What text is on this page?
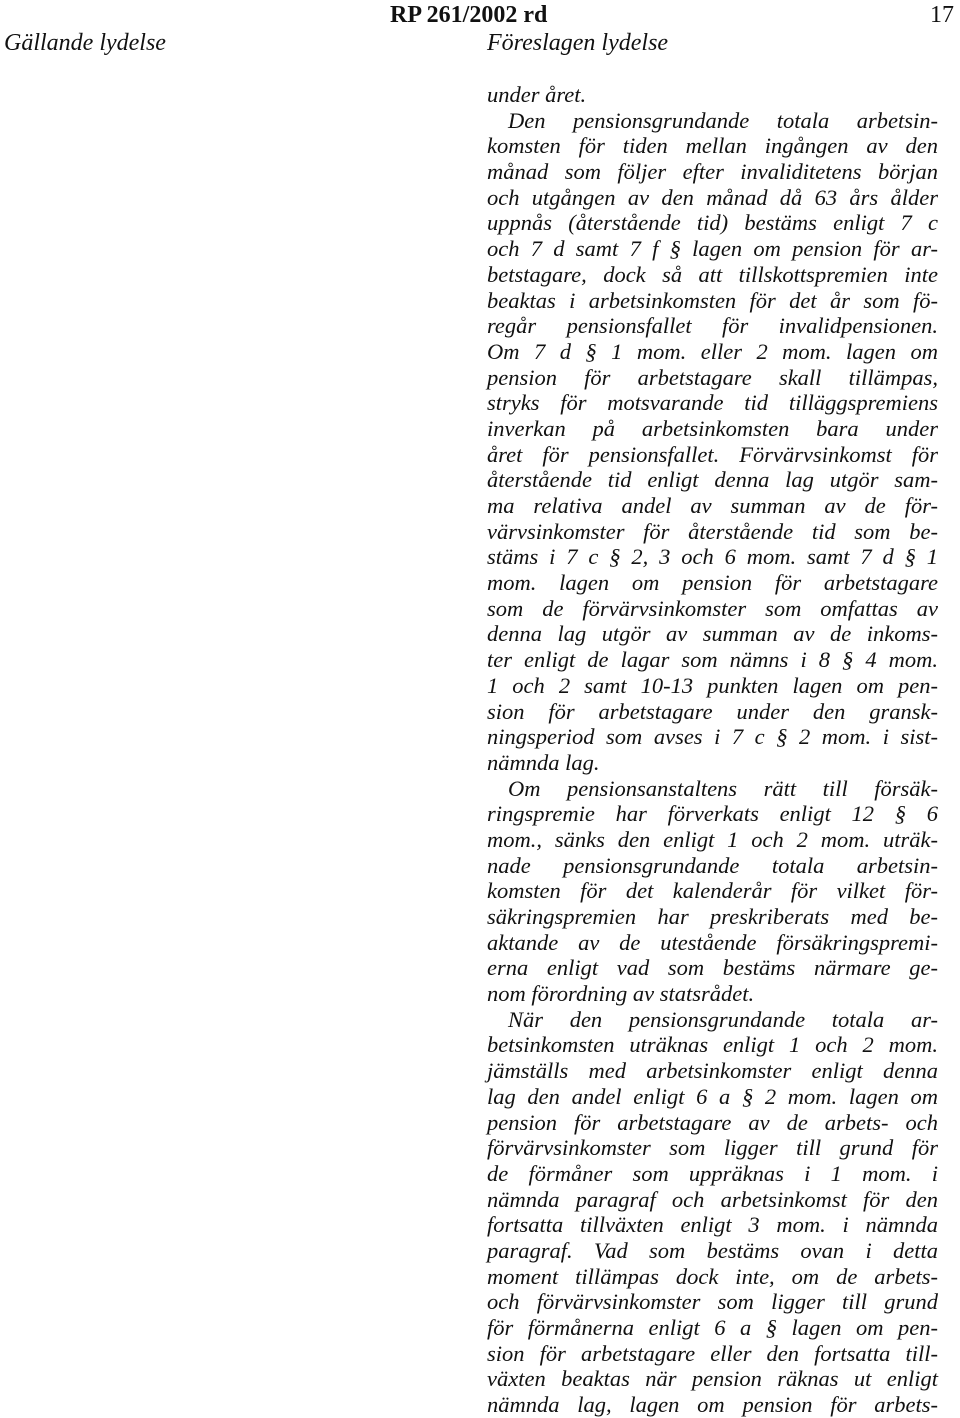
RP 261/2002 rd	17
Gällande lydelse	Föreslagen lydelse
under året.
Den pensionsgrundande totala arbetsin-
komsten för tiden mellan ingången av den
månad som följer efter invaliditetens början
och utgången av den månad då 63 års ålder
uppnås (återstående tid) bestäms enligt 7 c
och 7 d samt 7 f § lagen om pension för ar-
betstagare, dock så att tillskottspremien inte
beaktas i arbetsinkomsten för det år som fö-
regår pensionsfallet för invalidpensionen.
Om 7 d § 1 mom. eller 2 mom. lagen om
pension för arbetstagare skall tillämpas,
stryks för motsvarande tid tilläggspremiens
inverkan på arbetsinkomsten bara under
året för pensionsfallet. Förvärvsinkomst för
återstående tid enligt denna lag utgör sam-
ma relativa andel av summan av de för-
värvsinkomster för återstående tid som be-
stäms i 7 c § 2, 3 och 6 mom. samt 7 d § 1
mom. lagen om pension för arbetstagare
som de förvärvsinkomster som omfattas av
denna lag utgör av summan av de inkoms-
ter enligt de lagar som nämns i 8 § 4 mom.
1 och 2 samt 10-13 punkten lagen om pen-
sion för arbetstagare under den gransk-
ningsperiod som avses i 7 c § 2 mom. i sist-
nämnda lag.
Om pensionsanstaltens rätt till försäk-
ringspremie har förverkats enligt 12 § 6
mom., sänks den enligt 1 och 2 mom. uträk-
nade pensionsgrundande totala arbetsin-
komsten för det kalenderår för vilket för-
säkringspremien har preskriberats med be-
aktande av de utestående försäkringspremi-
erna enligt vad som bestäms närmare ge-
nom förordning av statsrådet.
När den pensionsgrundande totala ar-
betsinkomsten uträknas enligt 1 och 2 mom.
jämställs med arbetsinkomster enligt denna
lag den andel enligt 6 a § 2 mom. lagen om
pension för arbetstagare av de arbets- och
förvärvsinkomster som ligger till grund för
de förmåner som uppräknas i 1 mom. i
nämnda paragraf och arbetsinkomst för den
fortsatta tillväxten enligt 3 mom. i nämnda
paragraf. Vad som bestäms ovan i detta
moment tillämpas dock inte, om de arbets-
och förvärvsinkomster som ligger till grund
för förmånerna enligt 6 a § lagen om pen-
sion för arbetstagare eller den fortsatta till-
växten beaktas när pension räknas ut enligt
nämnda lag, lagen om pension för arbets-
